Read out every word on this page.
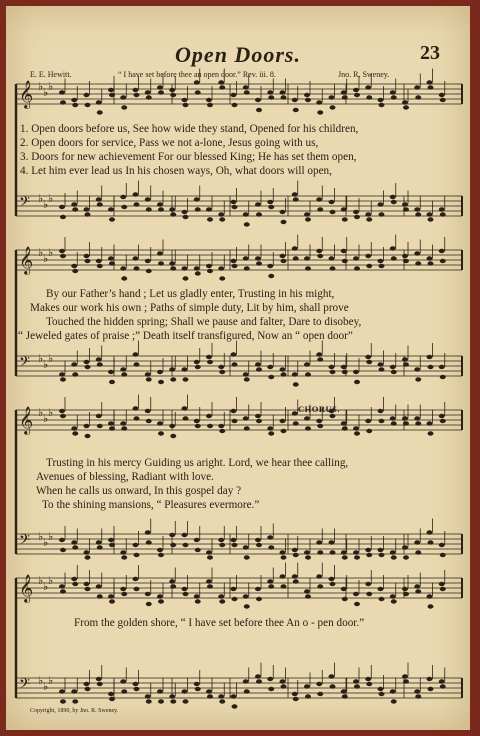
Open Doors.	23
E. E. Hewitt.	“ I have set before thee an open door.” Rev. iii. 8.	Jno. R. Sweney.
𝄞 ♭ ♭ ♭
𝄢 ♭ ♭ ♭
𝄞 ♭ ♭ ♭
𝄢 ♭ ♭ ♭
𝄞 ♭ ♭ ♭
𝄢 ♭ ♭ ♭
𝄞 ♭ ♭ ♭
𝄢 ♭ ♭ ♭
1. Open doors before us, See how wide they stand, Opened for his children,
2. Open doors for service, Pass we not a-lone, Jesus going with us,
3. Doors for new achievement For our blessed King; He has set them open,
4. Let him ever lead us In his chosen ways, Oh, what doors will open,
By our Father’s hand ; Let us gladly enter, Trusting in his might,
Makes our work his own ; Paths of simple duty, Lit by him, shall prove
Touched the hidden spring; Shall we pause and falter, Dare to disobey,
“ Jeweled gates of praise ;” Death itself transfigured, Now an “ open door”
CHORUS.
Trusting in his mercy Guiding us aright. Lord, we hear thee calling,
Avenues of blessing, Radiant with love.
When he calls us onward, In this gospel day ?
To the shining mansions, “ Pleasures evermore.”
From the golden shore, “ I have set before thee An o - pen door.”
Copyright, 1890, by Jno. R. Sweney.
